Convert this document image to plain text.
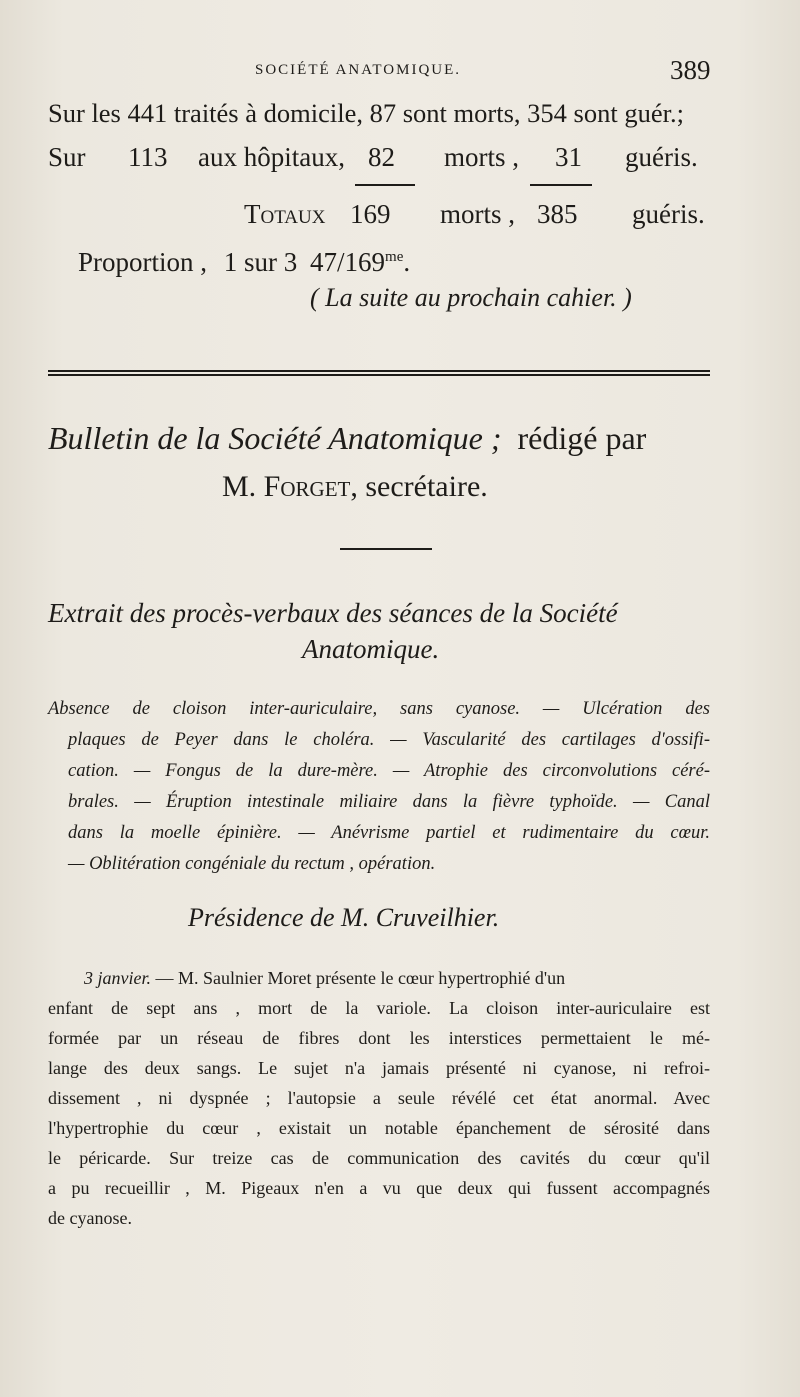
SOCIÉTÉ ANATOMIQUE.	389
Sur les 441 traités à domicile, 87 sont morts, 354 sont guér.;
Sur 113 aux hôpitaux, 82 morts , 31 guéris.
Totaux 169 morts , 385 guéris.
Proportion , 1 sur 3 $47/169^{me}$.
( La suite au prochain cahier. )
Bulletin de la Société Anatomique ; rédigé par
M. Forget, secrétaire.
Extrait des procès-verbaux des séances de la Société
Anatomique.
Absence de cloison inter-auriculaire, sans cyanose. — Ulcération des
plaques de Peyer dans le choléra. — Vascularité des cartilages d'ossifi-
cation. — Fongus de la dure-mère. — Atrophie des circonvolutions céré-
brales. — Éruption intestinale miliaire dans la fièvre typhoïde. — Canal
dans la moelle épinière. — Anévrisme partiel et rudimentaire du cœur.
— Oblitération congéniale du rectum , opération.
Présidence de M. Cruveilhier.
3 janvier. — M. Saulnier Moret présente le cœur hypertrophié d'un
enfant de sept ans , mort de la variole. La cloison inter-auriculaire est
formée par un réseau de fibres dont les interstices permettaient le mé-
lange des deux sangs. Le sujet n'a jamais présenté ni cyanose, ni refroi-
dissement , ni dyspnée ; l'autopsie a seule révélé cet état anormal. Avec
l'hypertrophie du cœur , existait un notable épanchement de sérosité dans
le péricarde. Sur treize cas de communication des cavités du cœur qu'il
a pu recueillir , M. Pigeaux n'en a vu que deux qui fussent accompagnés
de cyanose.
